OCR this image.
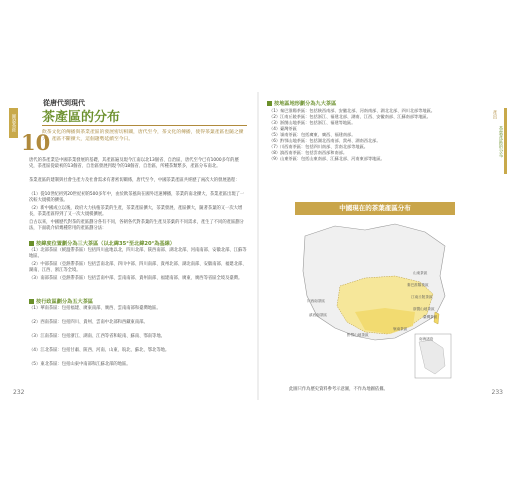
圖說茶經
10
從唐代到現代
茶產區的分布
飲茶文化的傳播與茶業產區的發展密切相關，唐代至今，茶文化的傳播，使得茶葉產區也隨之擴大，產區不斷擴大，這個趨勢延續至今日。
唐代的茶產業是中國茶業發展的基礎，其產區遍及現今江南以北13個省、自治區，唐代至今已有1000多年的歷史，茶產區從最初的13個省、自治區發展到現今的18個省、自治區，所種茶類繁多，產區分布南北。
茶業產區的建制與社會生產力及社會需求有著密切關係，唐代至今，中國茶業產區共經歷了兩次大的發展過程：
（1）從10世紀初到20世紀初的500多年中，由於飲茶風尚在國外迅速傳播，茶業的南北擴大，茶業產區出現了一次較大規模的擴張。
（2）新中國成立以後，政府大力扶植茶業的生產，茶業產區擴大，茶業發展，產區擴大，隨著茶葉的又一次大增長，茶業產區得到了又一次大規模擴展。
自古以來，中國歷代對茶的產區劃分各有不同，各朝各代對茶葉的生產及茶葉的不同需求，產生了不同的產區劃分法，下面就介紹幾種常用的產區劃分法：
按緯度位置劃分為三大茶區（以北緯35°至北緯20°為基線）
（1）北部茶區（緩溫帶茶區）包括四川盆地以北，四川北部、陝西南部、湖北北部、河南南部、安徽北部、江蘇等地區。
（2）中部茶區（亞熱帶茶區）包括雲南北部、四川中部、四川南部、貴州北部、湖北南部、安徽南部、福建北部、湖南、江西、浙江等全境。
（3）南部茶區（亞熱帶茶區）包括雲南中部、雲南南部、貴州南部、福建南部、廣東、廣西等省區全境及臺灣。
按行政區劃分為五大茶區
（1）華南茶區：包括福建、廣東南部、廣西、雲南南部和臺灣地區。
（2）西南茶區：包括四川、貴州、雲南中北部和西藏東南部。
（3）江南茶區：包括浙江、湖南、江西等省和皖南、蘇南、鄂南等地。
（4）江北茶區：包括甘肅、陝西、河南、山東、皖北、蘇北、鄂北等地。
（5）東北茶區：包括山東中南部和江蘇北部的地區。
232
按地區地形劃分為九大茶區
（1）秦巴淮陽茶區：包括陝西南部、安徽北部、河南南部、湖北北部、四川北部等地區。
（2）江南丘陵茶區：包括浙江、福建北部、湖南、江西、安徽南部、江蘇南部等地區。
（3）浙閩山地茶區：包括浙江、福建等地區。
（4）臺灣茶區
（5）嶺南茶區：包括廣東、廣西、福建南部。
（6）黔鄂山地茶區：包括湖北西南部、貴州、湖南西北部。
（7）川西南茶區：包括四川南部、雲南北部等地區。
（8）滇西南茶區：包括雲南西部和南部。
（9）山東茶區：包括山東南部、江蘇北部、河南東部等地區。
中國現在的茶葉產區分布
山東茶區
秦巴淮陽茶區
江南丘陵茶區
浙閩山地茶區
川西南茶區
滇西南茶區
黔鄂山地茶區
嶺南茶區
臺灣茶區
南海諸島
此圖只作為歷史資料參考示意圖，不作為地圖依據。
產出
茶葉產區的分布
233
